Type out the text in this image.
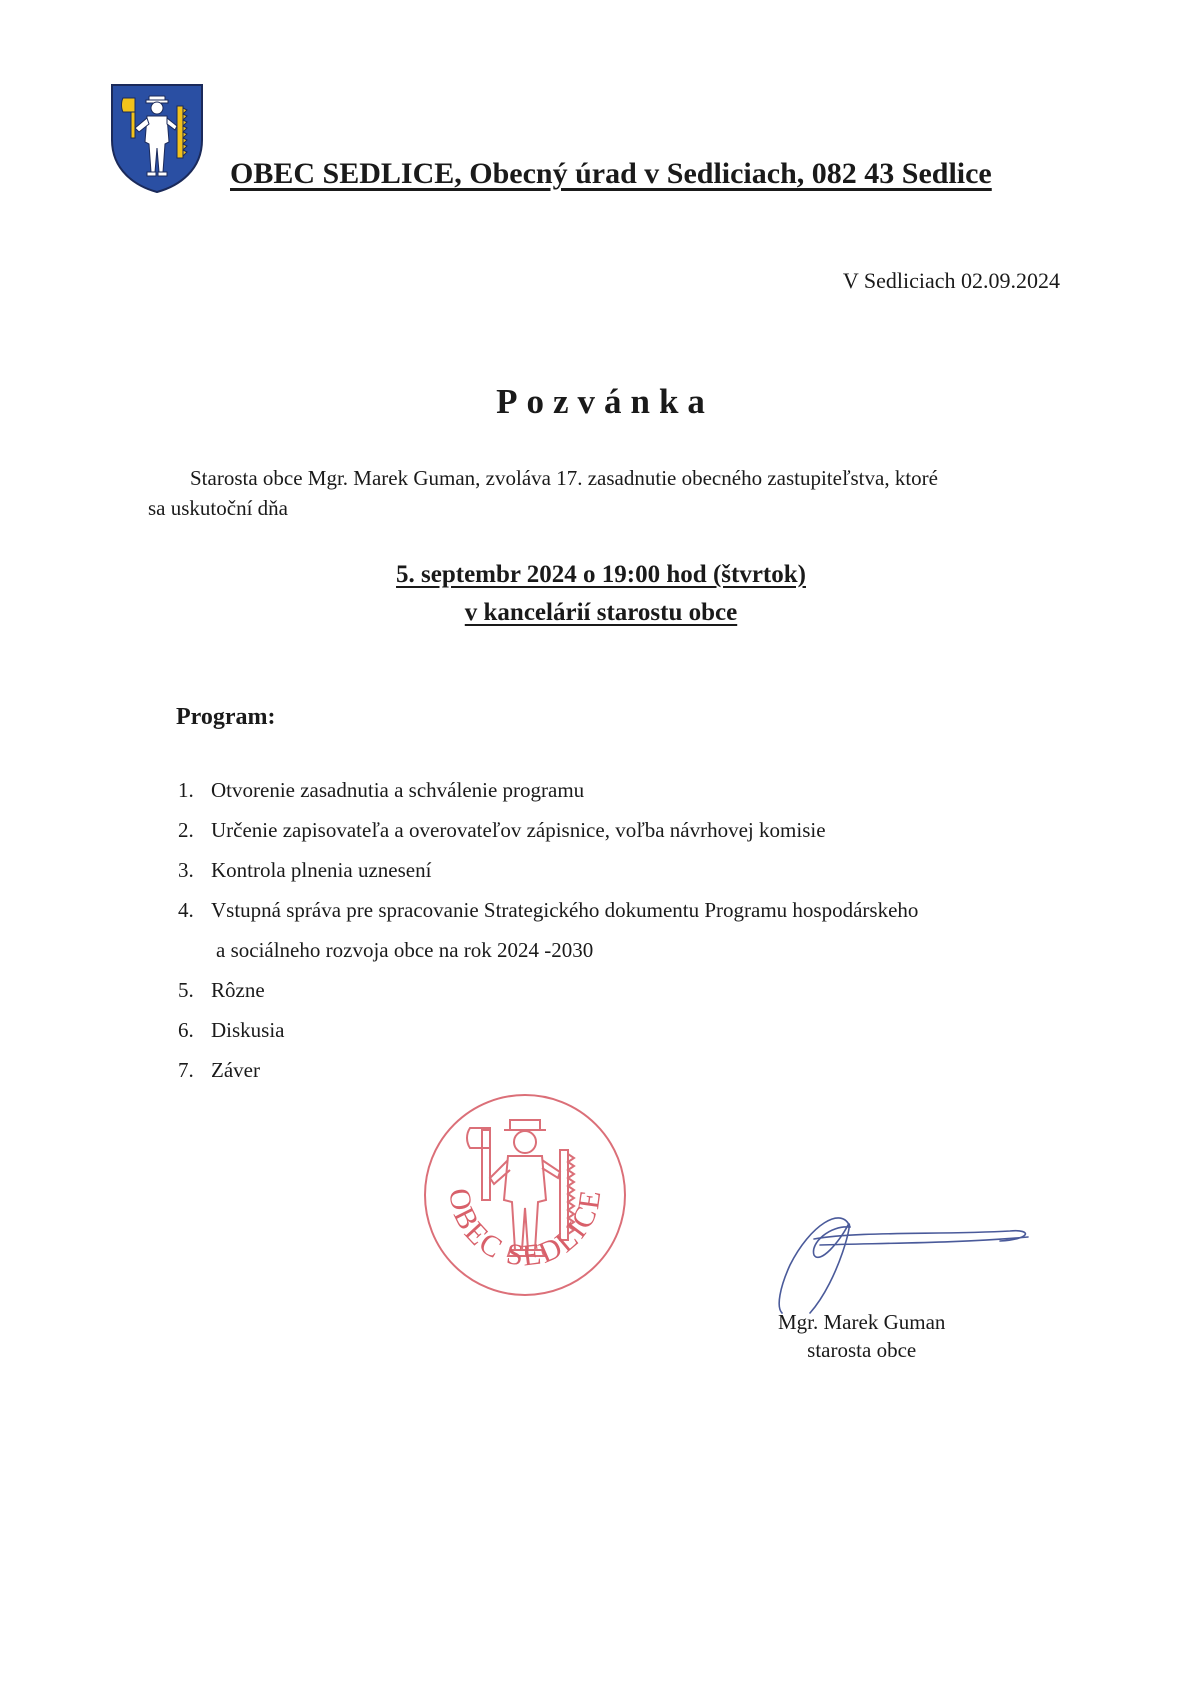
OBEC SEDLICE, Obecný úrad v Sedliciach, 082 43 Sedlice
V Sedliciach 02.09.2024
Pozvánka
Starosta obce Mgr. Marek Guman, zvoláva 17. zasadnutie obecného zastupiteľstva, ktoré
sa uskutoční dňa
5. septembr 2024 o 19:00 hod (štvrtok)
v kancelárií starostu obce
Program:
1. Otvorenie zasadnutia a schválenie programu
2. Určenie zapisovateľa a overovateľov zápisnice, voľba návrhovej komisie
3. Kontrola plnenia uznesení
4. Vstupná správa pre spracovanie Strategického dokumentu Programu hospodárskeho
a sociálneho rozvoja obce na rok 2024 -2030
5. Rôzne
6. Diskusia
7. Záver
OBEC SEDLICE
Mgr. Marek Guman
starosta obce
